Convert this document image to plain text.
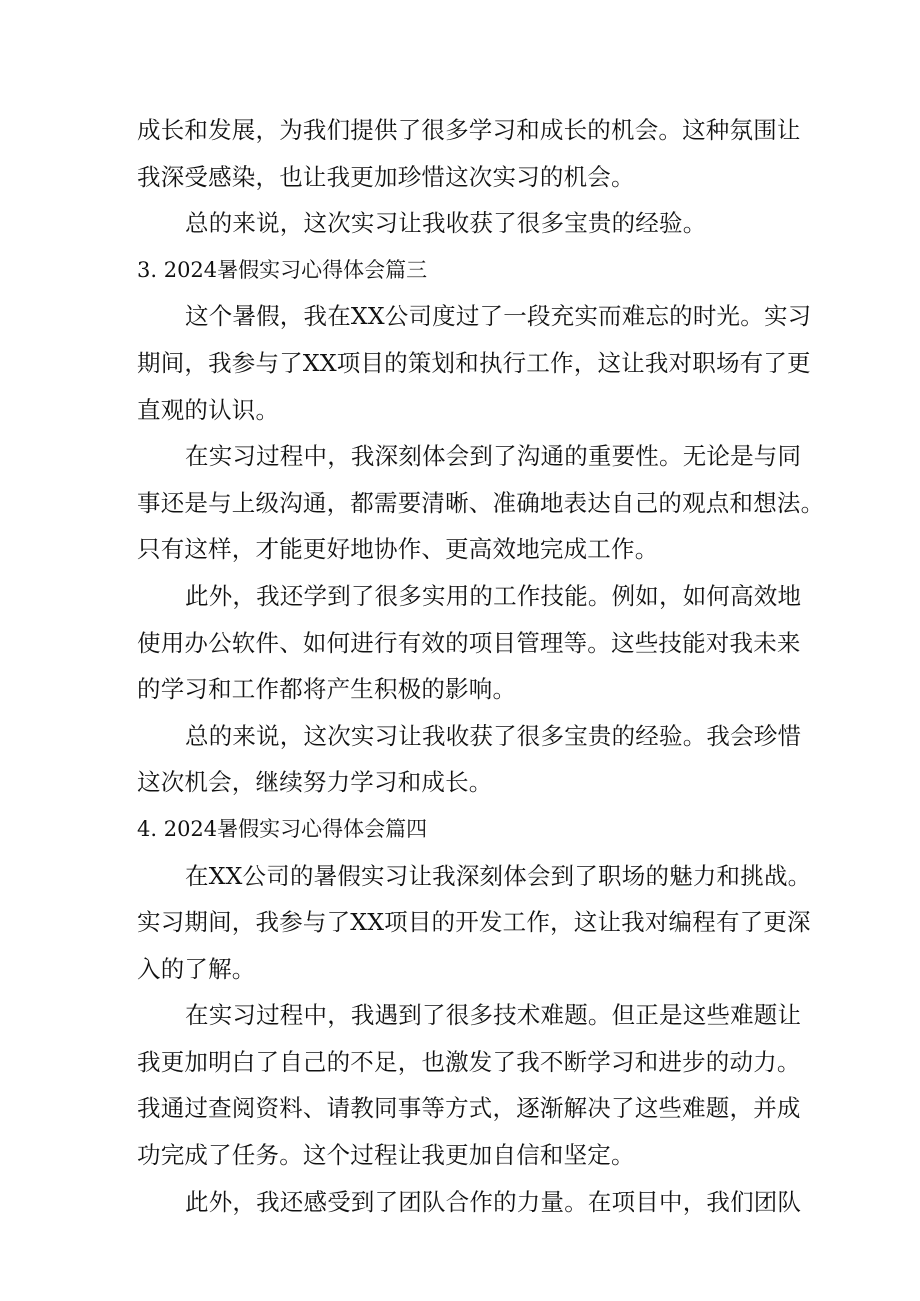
成长和发展，为我们提供了很多学习和成长的机会。这种氛围让
我深受感染，也让我更加珍惜这次实习的机会。
总的来说，这次实习让我收获了很多宝贵的经验。
3. 2024暑假实习心得体会篇三
这个暑假，我在XX公司度过了一段充实而难忘的时光。实习
期间，我参与了XX项目的策划和执行工作，这让我对职场有了更
直观的认识。
在实习过程中，我深刻体会到了沟通的重要性。无论是与同
事还是与上级沟通，都需要清晰、准确地表达自己的观点和想法。
只有这样，才能更好地协作、更高效地完成工作。
此外，我还学到了很多实用的工作技能。例如，如何高效地
使用办公软件、如何进行有效的项目管理等。这些技能对我未来
的学习和工作都将产生积极的影响。
总的来说，这次实习让我收获了很多宝贵的经验。我会珍惜
这次机会，继续努力学习和成长。
4. 2024暑假实习心得体会篇四
在XX公司的暑假实习让我深刻体会到了职场的魅力和挑战。
实习期间，我参与了XX项目的开发工作，这让我对编程有了更深
入的了解。
在实习过程中，我遇到了很多技术难题。但正是这些难题让
我更加明白了自己的不足，也激发了我不断学习和进步的动力。
我通过查阅资料、请教同事等方式，逐渐解决了这些难题，并成
功完成了任务。这个过程让我更加自信和坚定。
此外，我还感受到了团队合作的力量。在项目中，我们团队
